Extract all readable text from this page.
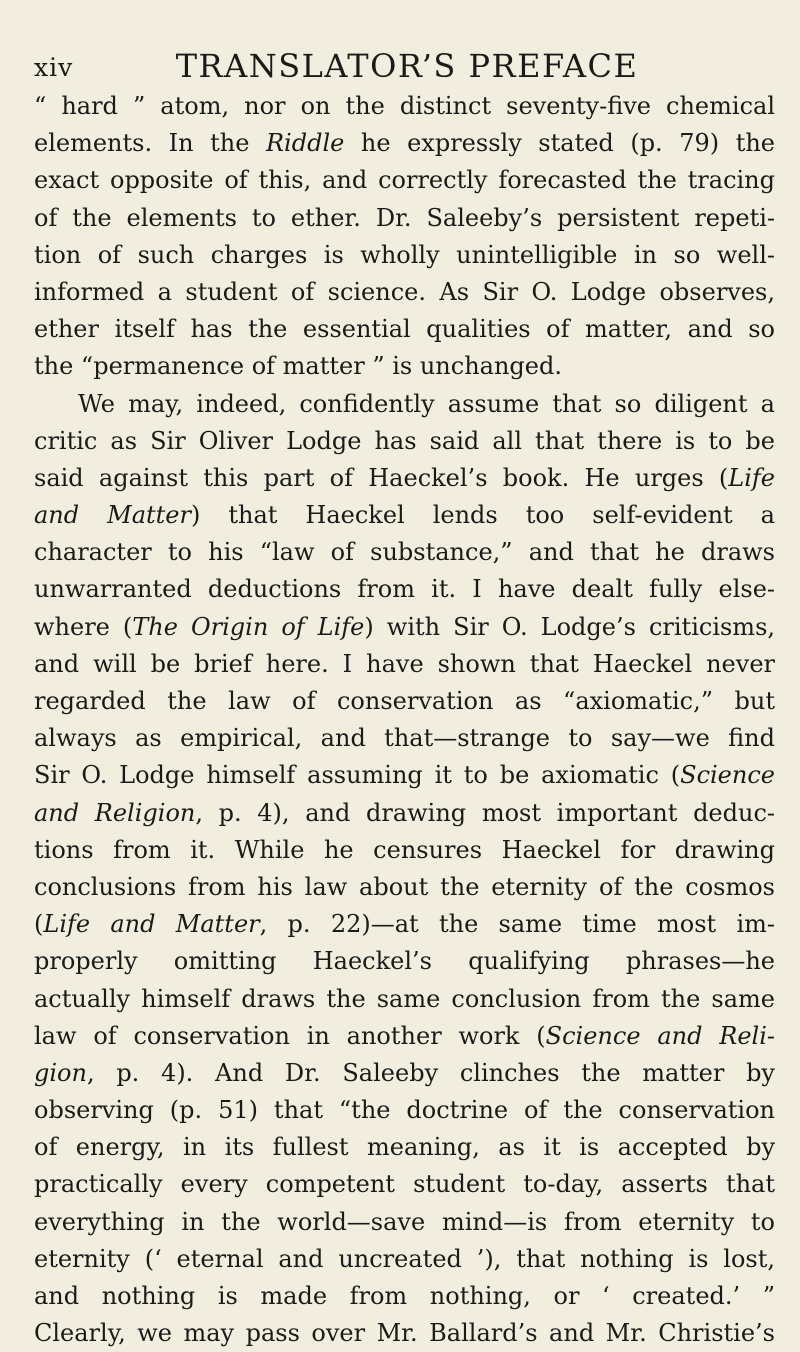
xiv	TRANSLATOR’S PREFACE
“ hard ” atom, nor on the distinct seventy-five chemical
elements. In the Riddle he expressly stated (p. 79) the
exact opposite of this, and correctly forecasted the tracing
of the elements to ether. Dr. Saleeby’s persistent repeti-
tion of such charges is wholly unintelligible in so well-
informed a student of science. As Sir O. Lodge observes,
ether itself has the essential qualities of matter, and so
the “permanence of matter ” is unchanged.
We may, indeed, confidently assume that so diligent a
critic as Sir Oliver Lodge has said all that there is to be
said against this part of Haeckel’s book. He urges (Life
and Matter) that Haeckel lends too self-evident a
character to his “law of substance,” and that he draws
unwarranted deductions from it. I have dealt fully else-
where (The Origin of Life) with Sir O. Lodge’s criticisms,
and will be brief here. I have shown that Haeckel never
regarded the law of conservation as “axiomatic,” but
always as empirical, and that—strange to say—we find
Sir O. Lodge himself assuming it to be axiomatic (Science
and Religion, p. 4), and drawing most important deduc-
tions from it. While he censures Haeckel for drawing
conclusions from his law about the eternity of the cosmos
(Life and Matter, p. 22)—at the same time most im-
properly omitting Haeckel’s qualifying phrases—he
actually himself draws the same conclusion from the same
law of conservation in another work (Science and Reli-
gion, p. 4). And Dr. Saleeby clinches the matter by
observing (p. 51) that “the doctrine of the conservation
of energy, in its fullest meaning, as it is accepted by
practically every competent student to-day, asserts that
everything in the world—save mind—is from eternity to
eternity (‘ eternal and uncreated ’), that nothing is lost,
and nothing is made from nothing, or ‘ created.’ ”
Clearly, we may pass over Mr. Ballard’s and Mr. Christie’s
